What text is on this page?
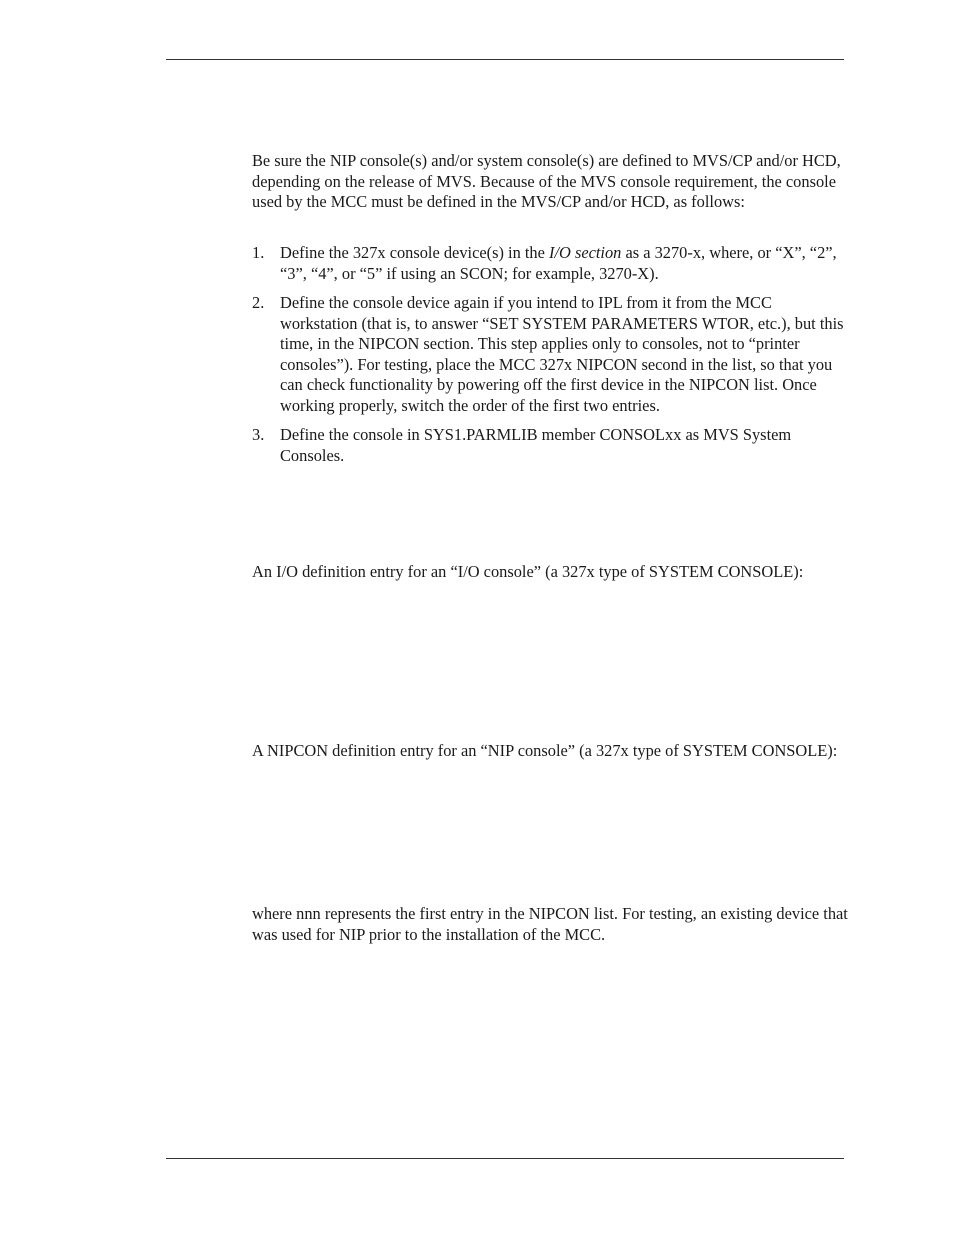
Be sure the NIP console(s) and/or system console(s) are defined to MVS/CP and/or HCD, depending on the release of MVS. Because of the MVS console requirement, the console used by the MCC must be defined in the MVS/CP and/or HCD, as follows:

1. Define the 327x console device(s) in the I/O section as a 3270-x, where, or “X”, “2”, “3”, “4”, or “5” if using an SCON; for example, 3270-X).
2. Define the console device again if you intend to IPL from it from the MCC workstation (that is, to answer “SET SYSTEM PARAMETERS WTOR, etc.), but this time, in the NIPCON section. This step applies only to consoles, not to “printer consoles”). For testing, place the MCC 327x NIPCON second in the list, so that you can check functionality by powering off the first device in the NIPCON list. Once working properly, switch the order of the first two entries.
3. Define the console in SYS1.PARMLIB member CONSOLxx as MVS System Consoles.

An I/O definition entry for an “I/O console” (a 327x type of SYSTEM CONSOLE):

A NIPCON definition entry for an “NIP console” (a 327x type of SYSTEM CONSOLE):

where nnn represents the first entry in the NIPCON list. For testing, an existing device that was used for NIP prior to the installation of the MCC.
